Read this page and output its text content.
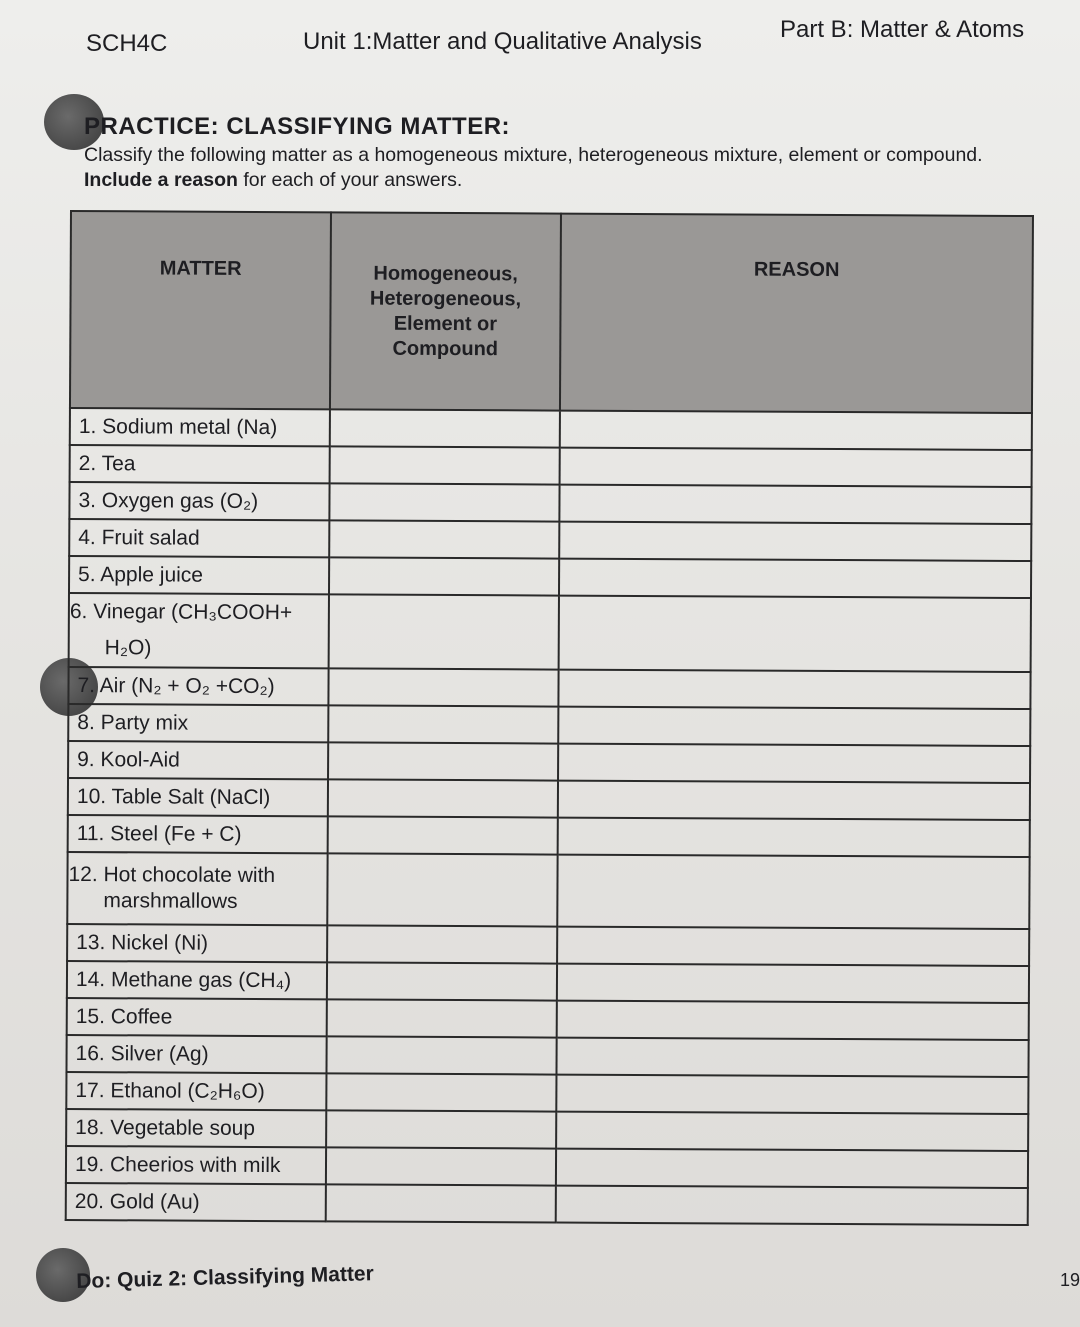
SCH4C	Unit 1:Matter and Qualitative Analysis	Part B: Matter & Atoms
PRACTICE: CLASSIFYING MATTER:
Classify the following matter as a homogeneous mixture, heterogeneous mixture, element or compound. Include a reason for each of your answers.
MATTER	Homogeneous,
Heterogeneous,
Element or
Compound	REASON
1. Sodium metal (Na)		
2. Tea		
3. Oxygen gas (O₂)		
4. Fruit salad		
5. Apple juice		
6. Vinegar (CH₃COOH+ H₂O)		
7. Air (N₂ + O₂ +CO₂)		
8. Party mix		
9. Kool-Aid		
10. Table Salt (NaCl)		
11. Steel (Fe + C)		
12. Hot chocolate with marshmallows		
13. Nickel (Ni)		
14. Methane gas (CH₄)		
15. Coffee		
16. Silver (Ag)		
17. Ethanol (C₂H₆O)		
18. Vegetable soup		
19. Cheerios with milk		
20. Gold (Au)		
Do: Quiz 2: Classifying Matter	19
